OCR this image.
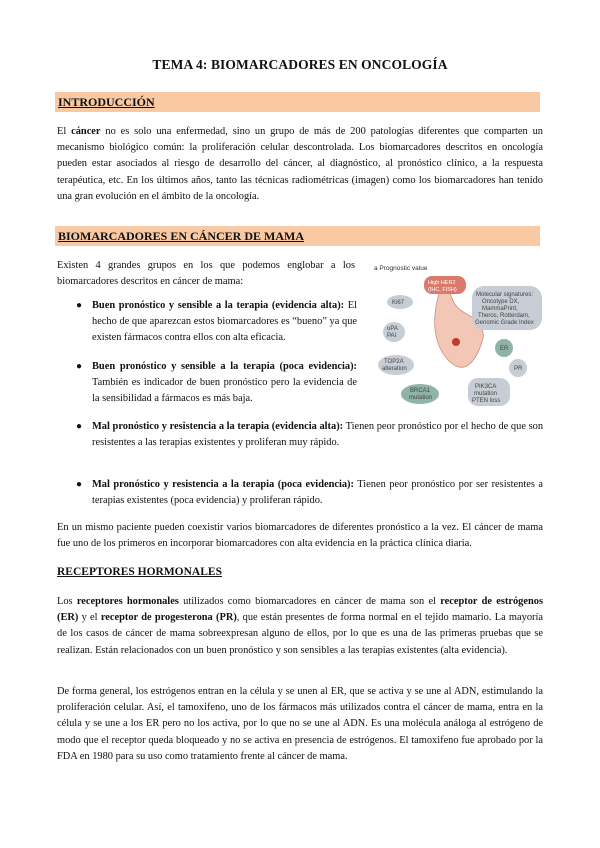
TEMA 4: BIOMARCADORES EN ONCOLOGÍA
INTRODUCCIÓN

El cáncer no es solo una enfermedad, sino un grupo de más de 200 patologías diferentes que comparten un mecanismo biológico común: la proliferación celular descontrolada. Los biomarcadores descritos en oncología pueden estar asociados al riesgo de desarrollo del cáncer, al diagnóstico, al pronóstico clínico, a la respuesta terapéutica, etc. En los últimos años, tanto las técnicas radiométricas (imagen) como los biomarcadores han tenido una gran evolución en el ámbito de la oncología.

BIOMARCADORES EN CÁNCER DE MAMA

Existen 4 grandes grupos en los que podemos englobar a los biomarcadores descritos en cáncer de mama:

● Buen pronóstico y sensible a la terapia (evidencia alta): El hecho de que aparezcan estos biomarcadores es “bueno” ya que existen fármacos contra ellos con alta eficacia.
● Buen pronóstico y sensible a la terapia (poca evidencia): También es indicador de buen pronóstico pero la evidencia de la sensibilidad a fármacos es más baja.
● Mal pronóstico y resistencia a la terapia (evidencia alta): Tienen peor pronóstico por el hecho de que son resistentes a las terapias existentes y proliferan muy rápido.
● Mal pronóstico y resistencia a la terapia (poca evidencia): Tienen peor pronóstico por ser resistentes a terapias existentes (poca evidencia) y proliferan rápido.

En un mismo paciente pueden coexistir varios biomarcadores de diferentes pronóstico a la vez. El cáncer de mama fue uno de los primeros en incorporar biomarcadores con alta evidencia en la práctica clínica diaria.

a Prognostic value
High HER2
(IHC, FISH)
Ki67
uPA
PAI
TOP2A
alteration
BRCA1
mutation
PIK3CA
mutation
PTEN loss
ER
PR
Molecular signatures:
Oncotype DX,
MammaPrint,
Theros, Rotterdam,
Genomic Grade Index
RECEPTORES HORMONALES

Los receptores hormonales utilizados como biomarcadores en cáncer de mama son el receptor de estrógenos (ER) y el receptor de progesterona (PR), que están presentes de forma normal en el tejido mamario. La mayoría de los casos de cáncer de mama sobreexpresan alguno de ellos, por lo que es una de las primeras pruebas que se realizan. Están relacionados con un buen pronóstico y son sensibles a las terapias existentes (alta evidencia).

De forma general, los estrógenos entran en la célula y se unen al ER, que se activa y se une al ADN, estimulando la proliferación celular. Así, el tamoxifeno, uno de los fármacos más utilizados contra el cáncer de mama, entra en la célula y se une a los ER pero no los activa, por lo que no se une al ADN. Es una molécula análoga al estrógeno de modo que el receptor queda bloqueado y no se activa en presencia de estrógenos. El tamoxifeno fue aprobado por la FDA en 1980 para su uso como tratamiento frente al cáncer de mama.
